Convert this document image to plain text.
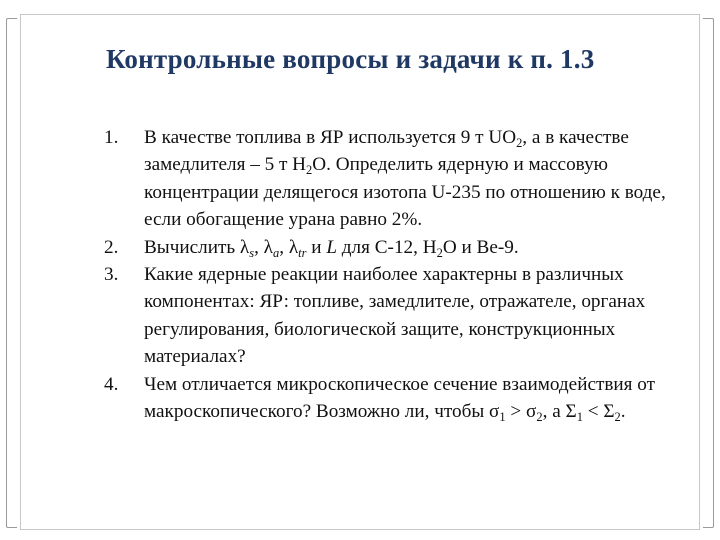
Контрольные вопросы и задачи к п. 1.3
1. В качестве топлива в ЯР используется 9 т $UO_2$, а в качестве замедлителя – 5 т $H_2O$. Определить ядерную и массовую концентрации делящегося изотопа U-235 по отношению к воде, если обогащение урана равно 2%.
2. Вычислить $\lambda_s$, $\lambda_a$, $\lambda_{tr}$ и L для C-12, $H_2O$ и Be-9.
3. Какие ядерные реакции наиболее характерны в различных компонентах: ЯР: топливе, замедлителе, отражателе, органах регулирования, биологической защите, конструкционных материалах?
4. Чем отличается микроскопическое сечение взаимодействия от макроскопического? Возможно ли, чтобы $\sigma_1 > \sigma_2$, а $\Sigma_1 < \Sigma_2$.
